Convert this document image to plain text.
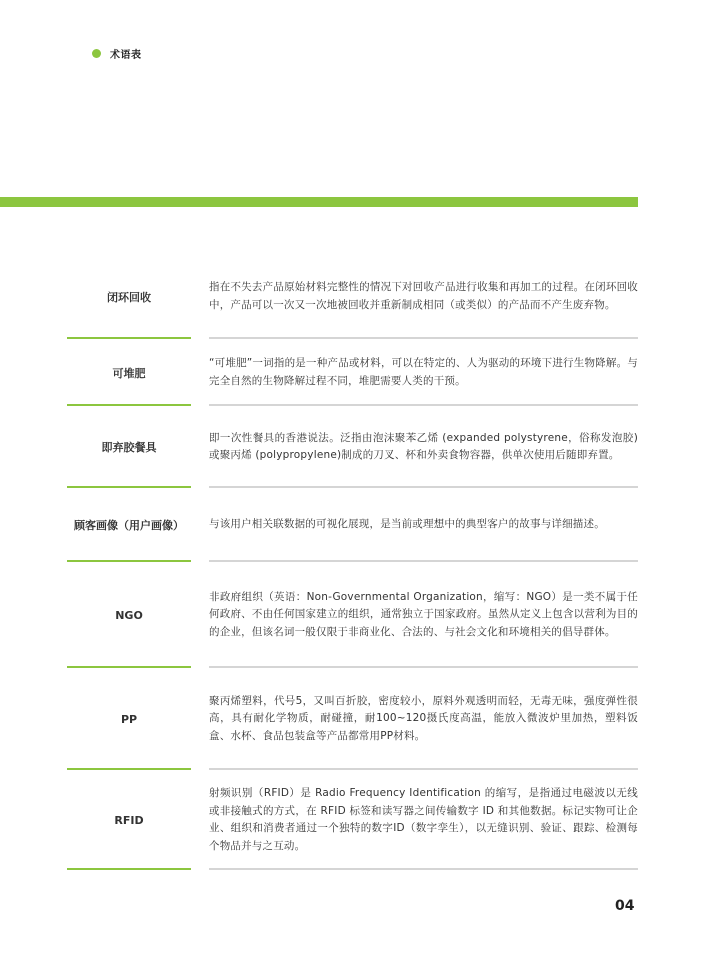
术语表
闭环回收
指在不失去产品原始材料完整性的情况下对回收产品进行收集和再加工的过程。在闭环回收中，产品可以一次又一次地被回收并重新制成相同（或类似）的产品而不产生废弃物。
可堆肥
“可堆肥”一词指的是一种产品或材料，可以在特定的、人为驱动的环境下进行生物降解。与完全自然的生物降解过程不同，堆肥需要人类的干预。
即弃胶餐具
即一次性餐具的香港说法。泛指由泡沫聚苯乙烯 (expanded polystyrene，俗称发泡胶)或聚丙烯 (polypropylene)制成的刀叉、杯和外卖食物容器，供单次使用后随即弃置。
顾客画像（用户画像）	与该用户相关联数据的可视化展现，是当前或理想中的典型客户的故事与详细描述。
NGO
非政府组织（英语：Non-Governmental Organization，缩写：NGO）是一类不属于任何政府、不由任何国家建立的组织，通常独立于国家政府。虽然从定义上包含以营利为目的的企业，但该名词一般仅限于非商业化、合法的、与社会文化和环境相关的倡导群体。
PP
聚丙烯塑料，代号5，又叫百折胶，密度较小，原料外观透明而轻，无毒无味，强度弹性很高，具有耐化学物质，耐碰撞，耐100~120摄氏度高温，能放入微波炉里加热，塑料饭盒、水杯、食品包装盒等产品都常用PP材料。
RFID
射频识别（RFID）是 Radio Frequency Identification 的缩写，是指通过电磁波以无线或非接触式的方式，在 RFID 标签和读写器之间传输数字 ID 和其他数据。标记实物可让企业、组织和消费者通过一个独特的数字ID（数字孪生），以无缝识别、验证、跟踪、检测每个物品并与之互动。
04
